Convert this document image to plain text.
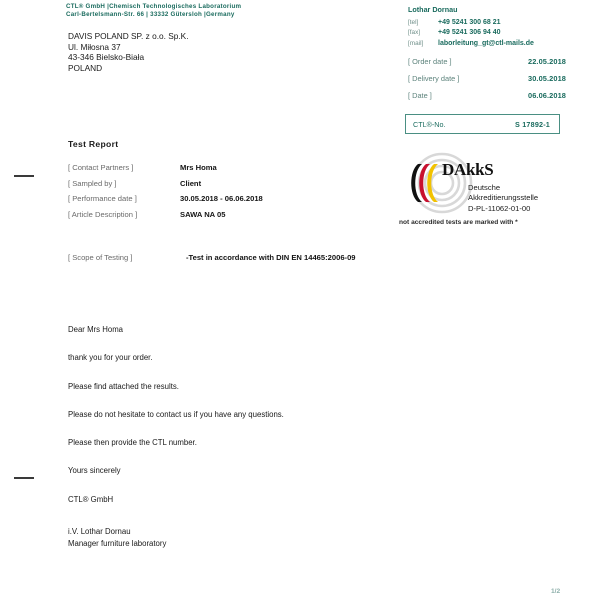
CTL® GmbH |Chemisch Technologisches Laboratorium
Carl-Bertelsmann-Str. 66 | 33332 Gütersloh |Germany
DAVIS POLAND SP. z o.o. Sp.K.
Ul. Miłosna 37
43-346 Bielsko-Biała
POLAND
Lothar Dornau
[tel]	+49 5241 300 68 21
[fax]	+49 5241 306 94 40
[mail]	laborleitung_gt@ctl-mails.de
[ Order date ]	22.05.2018
[ Delivery date ]	30.05.2018
[ Date ]	06.06.2018
CTL®-No.	S 17892-1
DAkkS
Deutsche
Akkreditierungsstelle
D-PL-11062-01-00
not accredited tests are marked with *
Test Report
[ Contact Partners ]	Mrs Homa
[ Sampled by ]	Client
[ Performance date ]	30.05.2018 - 06.06.2018
[ Article Description ]	SAWA NA 05
[ Scope of Testing ]	-Test in accordance with DIN EN 14465:2006-09

Dear Mrs Homa

thank you for your order.

Please find attached the results.

Please do not hesitate to contact us if you have any questions.

Please then provide the CTL number.

Yours sincerely

CTL® GmbH

i.V. Lothar Dornau
Manager furniture laboratory
1/2
